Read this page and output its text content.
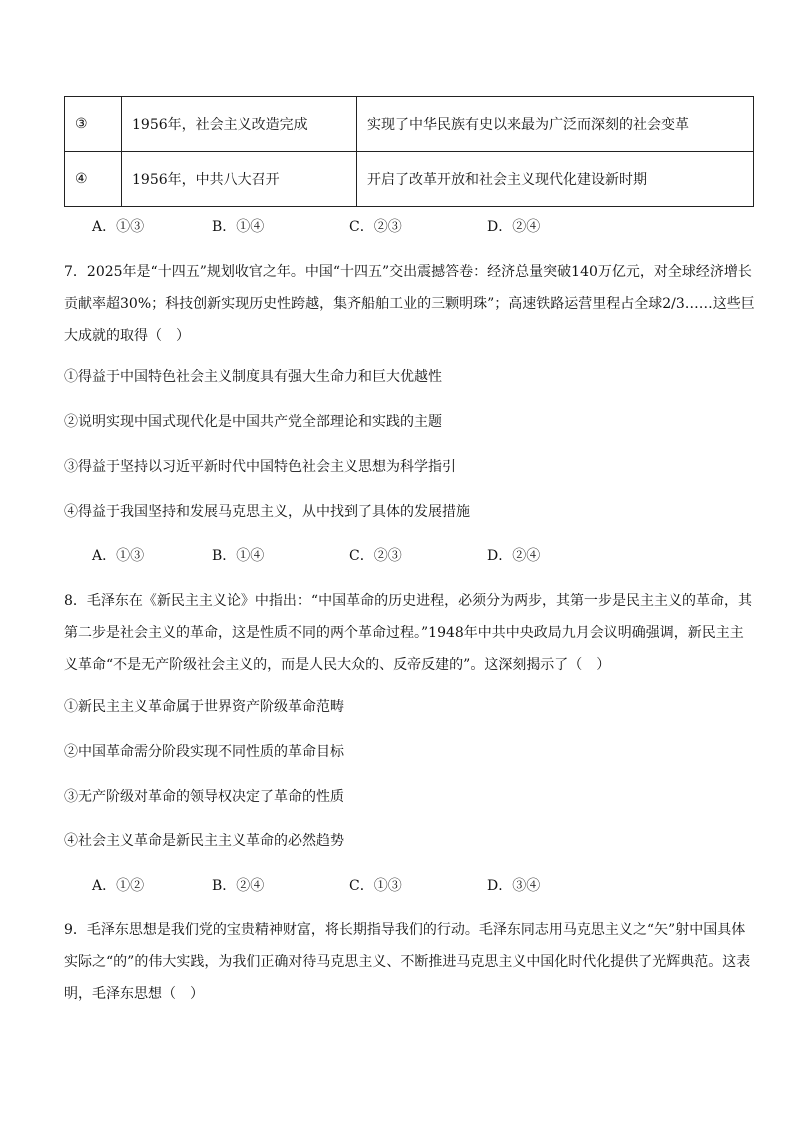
③	1956年，社会主义改造完成	实现了中华民族有史以来最为广泛而深刻的社会变革
④	1956年，中共八大召开	开启了改革开放和社会主义现代化建设新时期
A．①③	B．①④	C．②③	D．②④

7．2025年是“十四五”规划收官之年。中国“十四五”交出震撼答卷：经济总量突破140万亿元，对全球经济增长贡献率超30%；科技创新实现历史性跨越，集齐船舶工业的三颗明珠”；高速铁路运营里程占全球2/3……这些巨大成就的取得（　）

①得益于中国特色社会主义制度具有强大生命力和巨大优越性
②说明实现中国式现代化是中国共产党全部理论和实践的主题
③得益于坚持以习近平新时代中国特色社会主义思想为科学指引
④得益于我国坚持和发展马克思主义，从中找到了具体的发展措施
A．①③	B．①④	C．②③	D．②④

8．毛泽东在《新民主主义论》中指出：“中国革命的历史进程，必须分为两步，其第一步是民主主义的革命，其第二步是社会主义的革命，这是性质不同的两个革命过程。”1948年中共中央政局九月会议明确强调，新民主主义革命“不是无产阶级社会主义的，而是人民大众的、反帝反建的”。这深刻揭示了（　）

①新民主主义革命属于世界资产阶级革命范畴
②中国革命需分阶段实现不同性质的革命目标
③无产阶级对革命的领导权决定了革命的性质
④社会主义革命是新民主主义革命的必然趋势
A．①②	B．②④	C．①③	D．③④

9．毛泽东思想是我们党的宝贵精神财富，将长期指导我们的行动。毛泽东同志用马克思主义之“矢”射中国具体实际之“的”的伟大实践，为我们正确对待马克思主义、不断推进马克思主义中国化时代化提供了光辉典范。这表明，毛泽东思想（　）
